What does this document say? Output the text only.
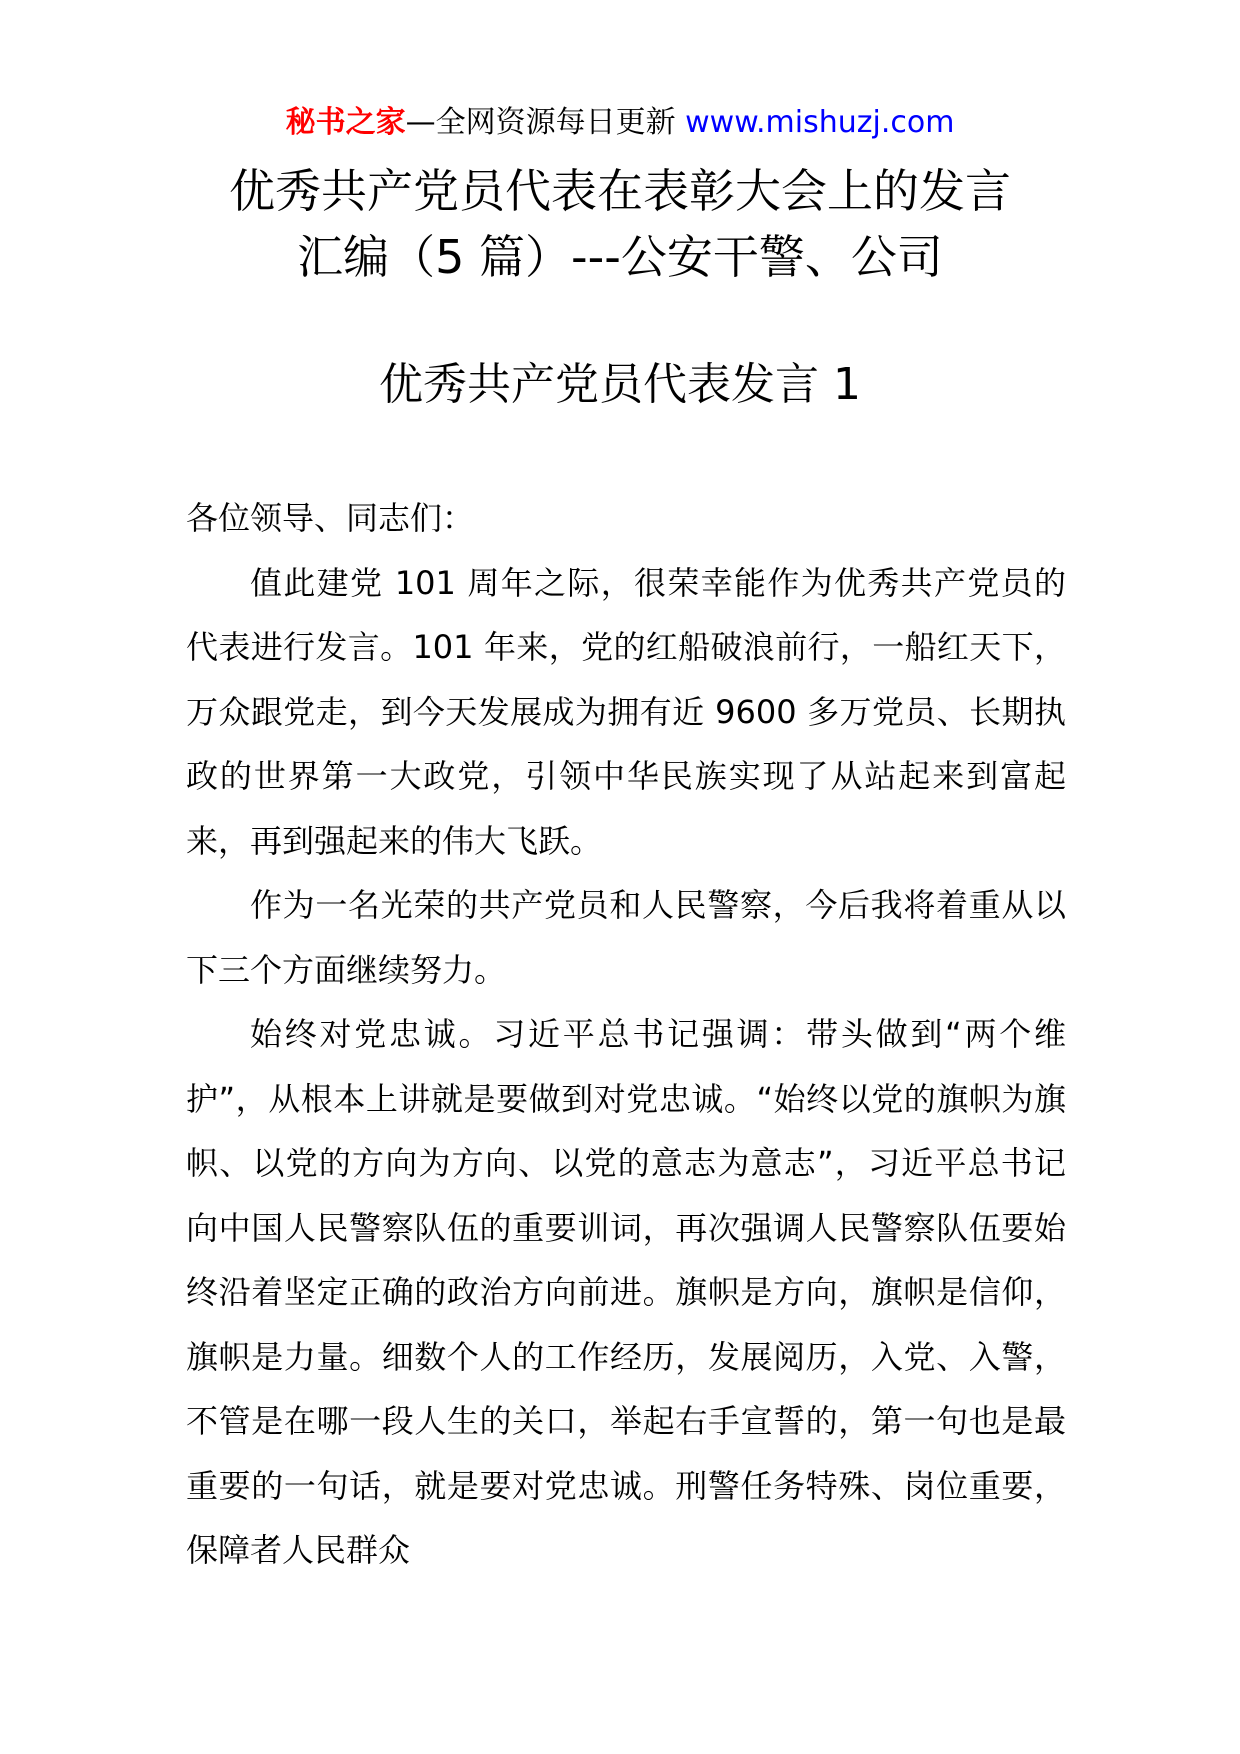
秘书之家—全网资源每日更新 www.mishuzj.com
优秀共产党员代表在表彰大会上的发言
汇编（5 篇）---公安干警、公司
优秀共产党员代表发言 1

各位领导、同志们：

值此建党 101 周年之际，很荣幸能作为优秀共产党员的代表进行发言。101 年来，党的红船破浪前行，一船红天下，万众跟党走，到今天发展成为拥有近 9600 多万党员、长期执政的世界第一大政党，引领中华民族实现了从站起来到富起来，再到强起来的伟大飞跃。

作为一名光荣的共产党员和人民警察，今后我将着重从以下三个方面继续努力。

始终对党忠诚。习近平总书记强调：带头做到“两个维护”，从根本上讲就是要做到对党忠诚。“始终以党的旗帜为旗帜、以党的方向为方向、以党的意志为意志”，习近平总书记向中国人民警察队伍的重要训词，再次强调人民警察队伍要始终沿着坚定正确的政治方向前进。旗帜是方向，旗帜是信仰，旗帜是力量。细数个人的工作经历，发展阅历，入党、入警，不管是在哪一段人生的关口，举起右手宣誓的，第一句也是最重要的一句话，就是要对党忠诚。刑警任务特殊、岗位重要，保障者人民群众
